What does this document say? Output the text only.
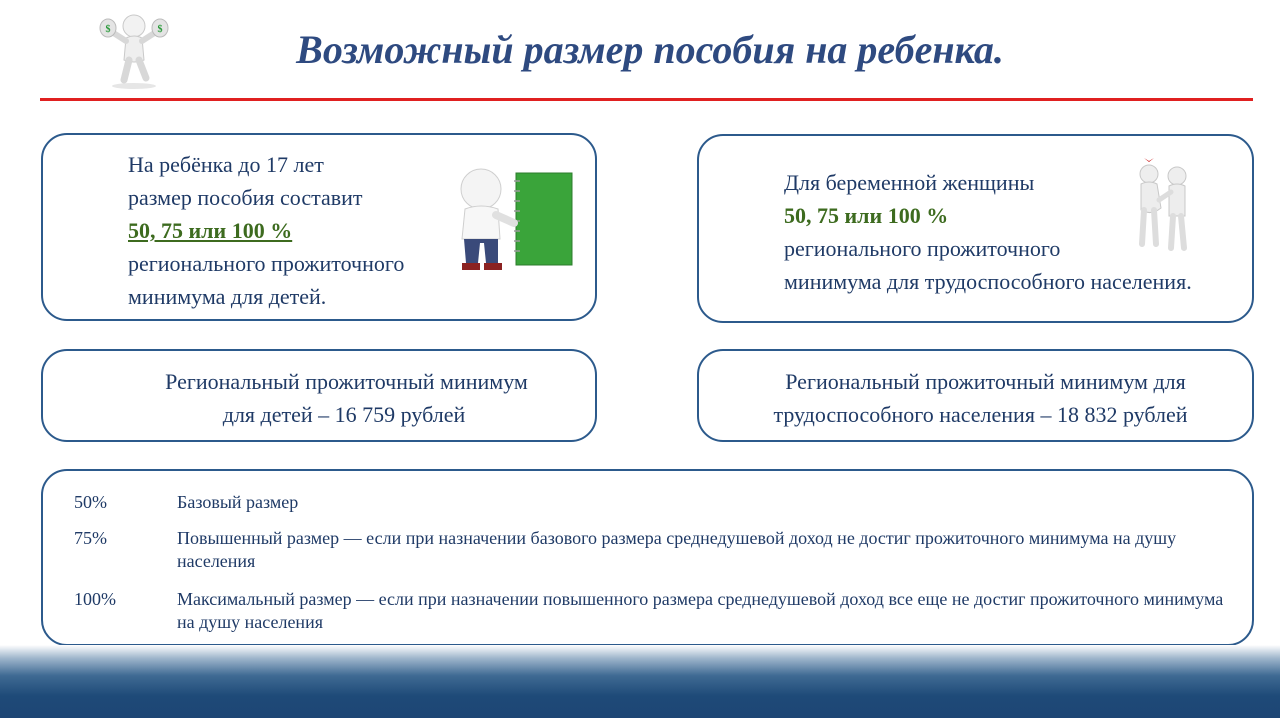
$	$	Возможный размер пособия на ребенка.
На ребёнка до 17 лет
размер пособия составит
50, 75 или 100 %
регионального прожиточного
минимума для детей.
Для беременной женщины
50, 75 или 100 %
регионального прожиточного
минимума для трудоспособного населения.
Региональный прожиточный минимум
для детей – 16 759 рублей
Региональный прожиточный минимум для
трудоспособного населения – 18 832 рублей
50%	Базовый размер
75%	Повышенный размер — если при назначении базового размера среднедушевой доход не достиг прожиточного минимума на душу населения
100%	Максимальный размер — если при назначении повышенного размера среднедушевой доход все еще не достиг прожиточного минимума на душу населения
